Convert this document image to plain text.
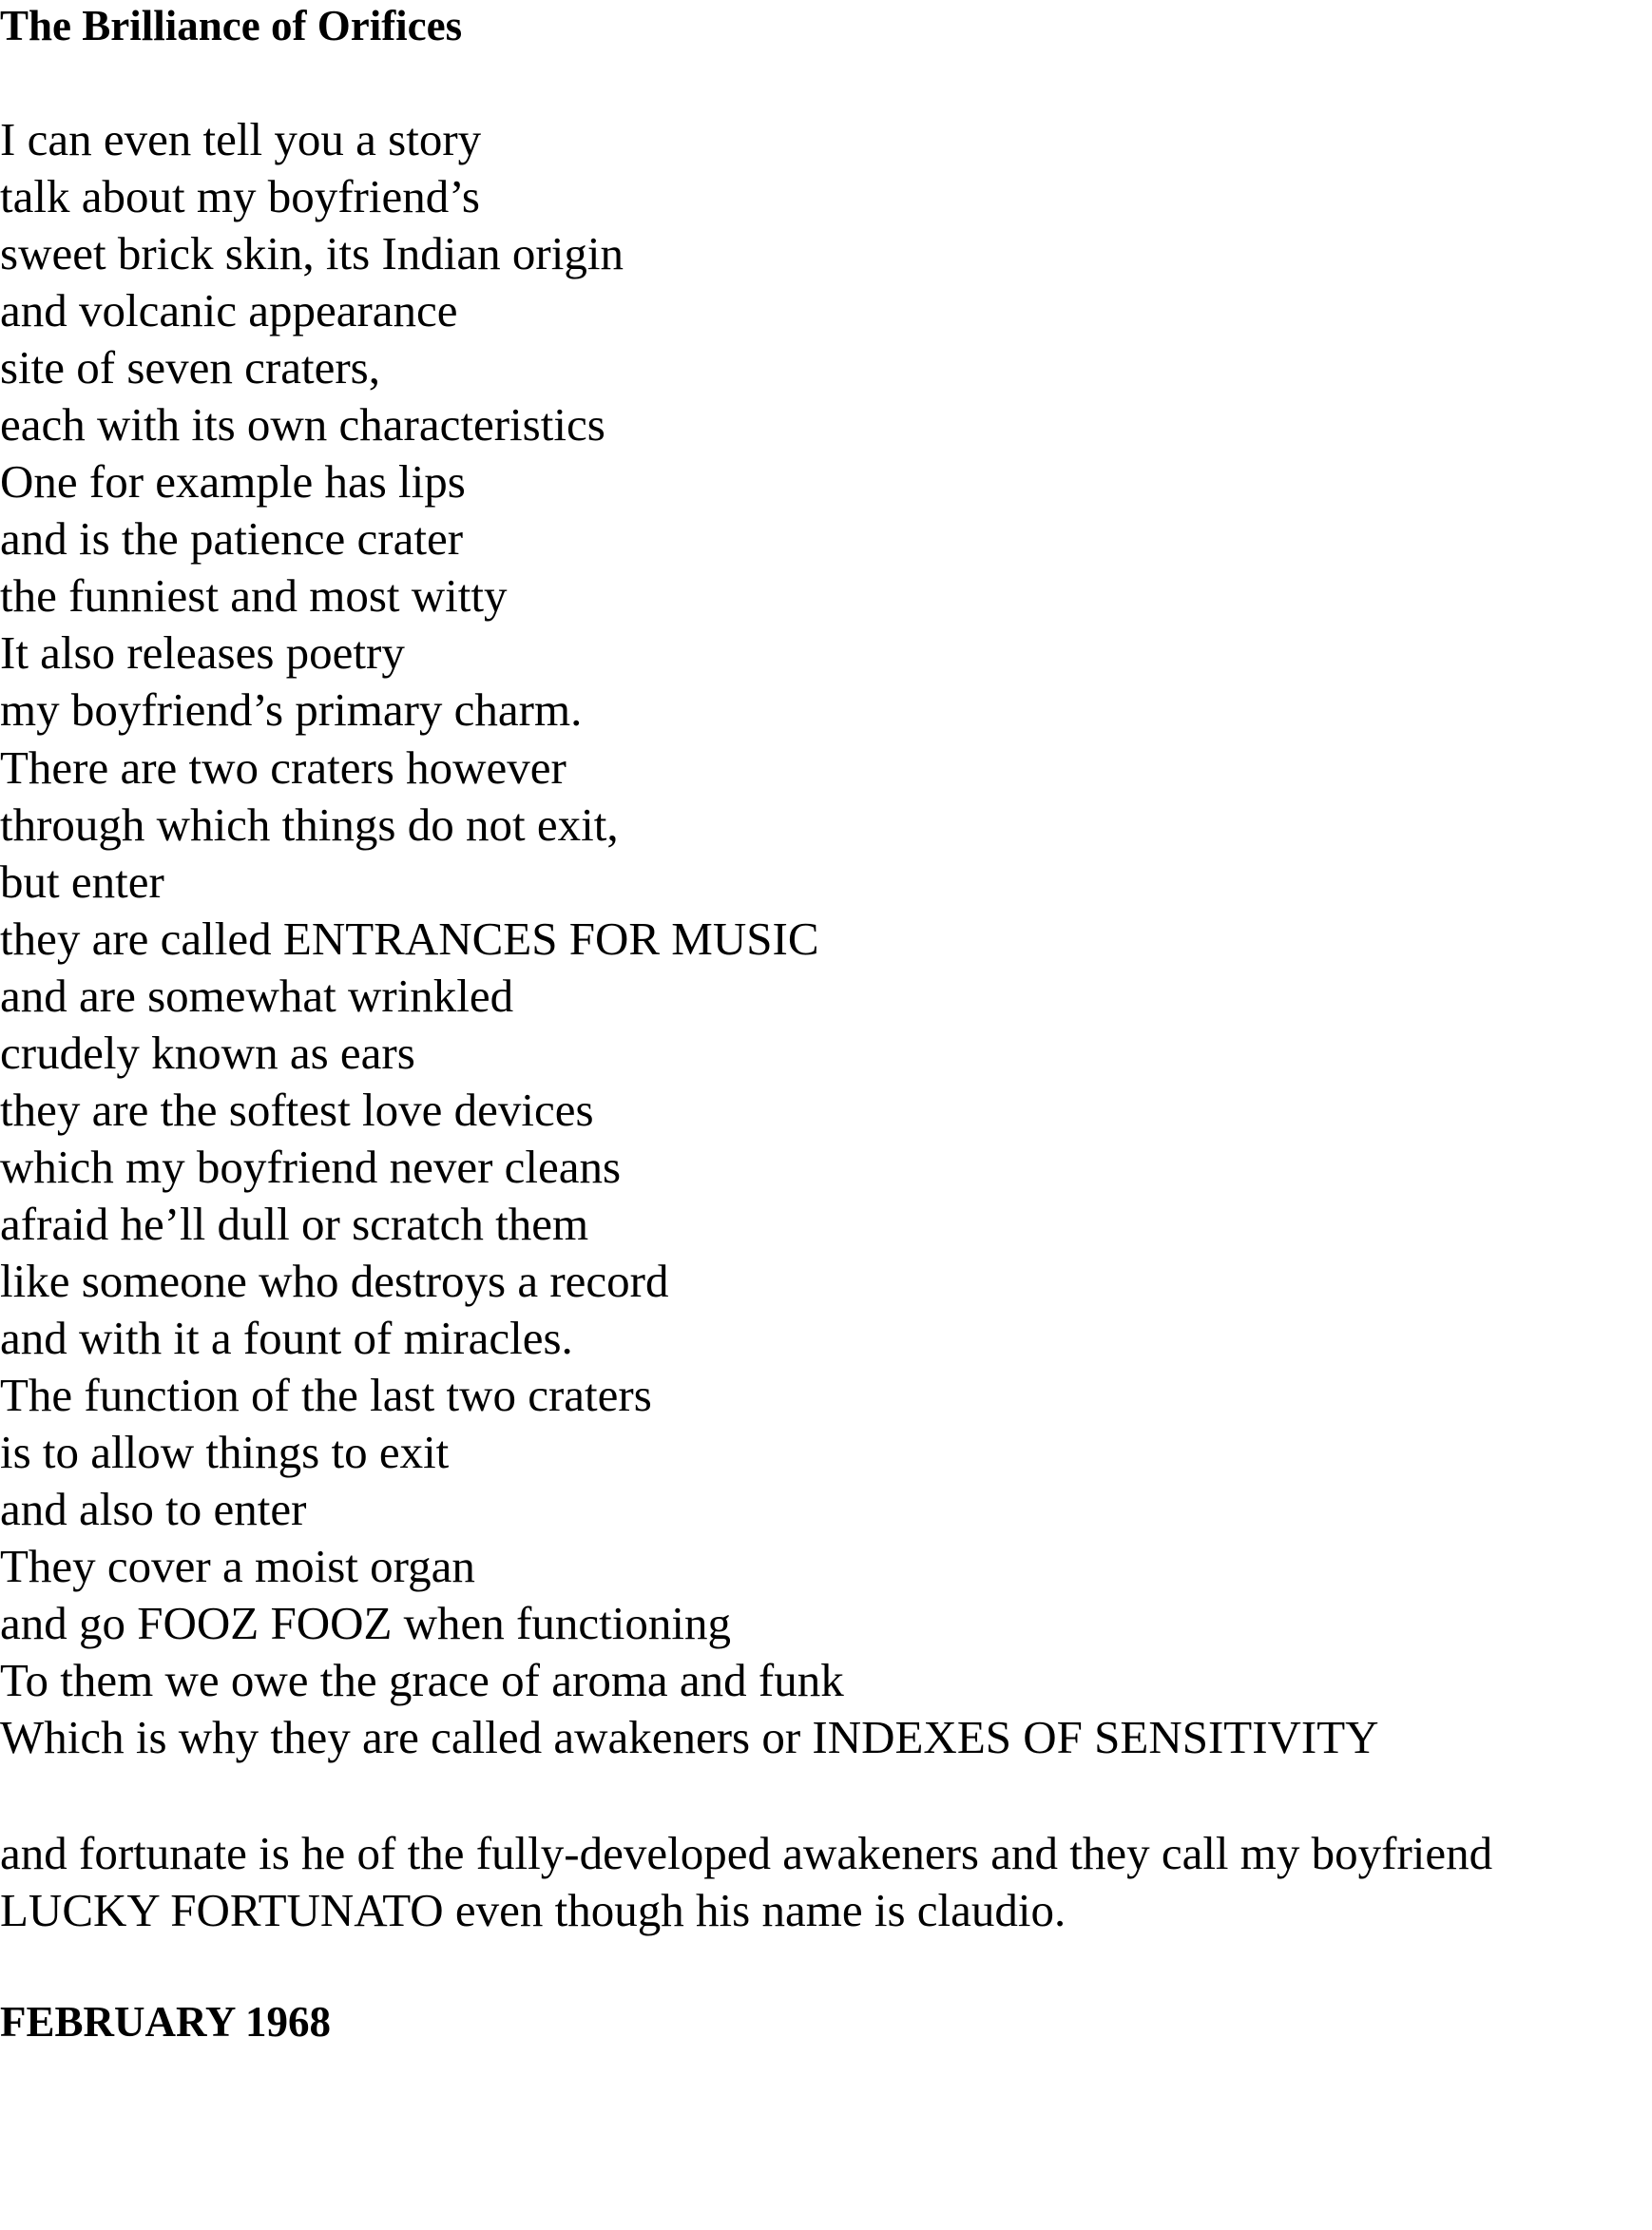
The Brilliance of Orifices
I can even tell you a story
talk about my boyfriend’s
sweet brick skin, its Indian origin
and volcanic appearance
site of seven craters,
each with its own characteristics
One for example has lips
and is the patience crater
the funniest and most witty
It also releases poetry
my boyfriend’s primary charm.
There are two craters however
through which things do not exit,
but enter
they are called ENTRANCES FOR MUSIC
and are somewhat wrinkled
crudely known as ears
they are the softest love devices
which my boyfriend never cleans
afraid he’ll dull or scratch them
like someone who destroys a record
and with it a fount of miracles.
The function of the last two craters
is to allow things to exit
and also to enter
They cover a moist organ
and go FOOZ FOOZ when functioning
To them we owe the grace of aroma and funk
Which is why they are called awakeners or INDEXES OF SENSITIVITY
and fortunate is he of the fully-developed awakeners and they call my boyfriend
LUCKY FORTUNATO even though his name is claudio.

FEBRUARY 1968
